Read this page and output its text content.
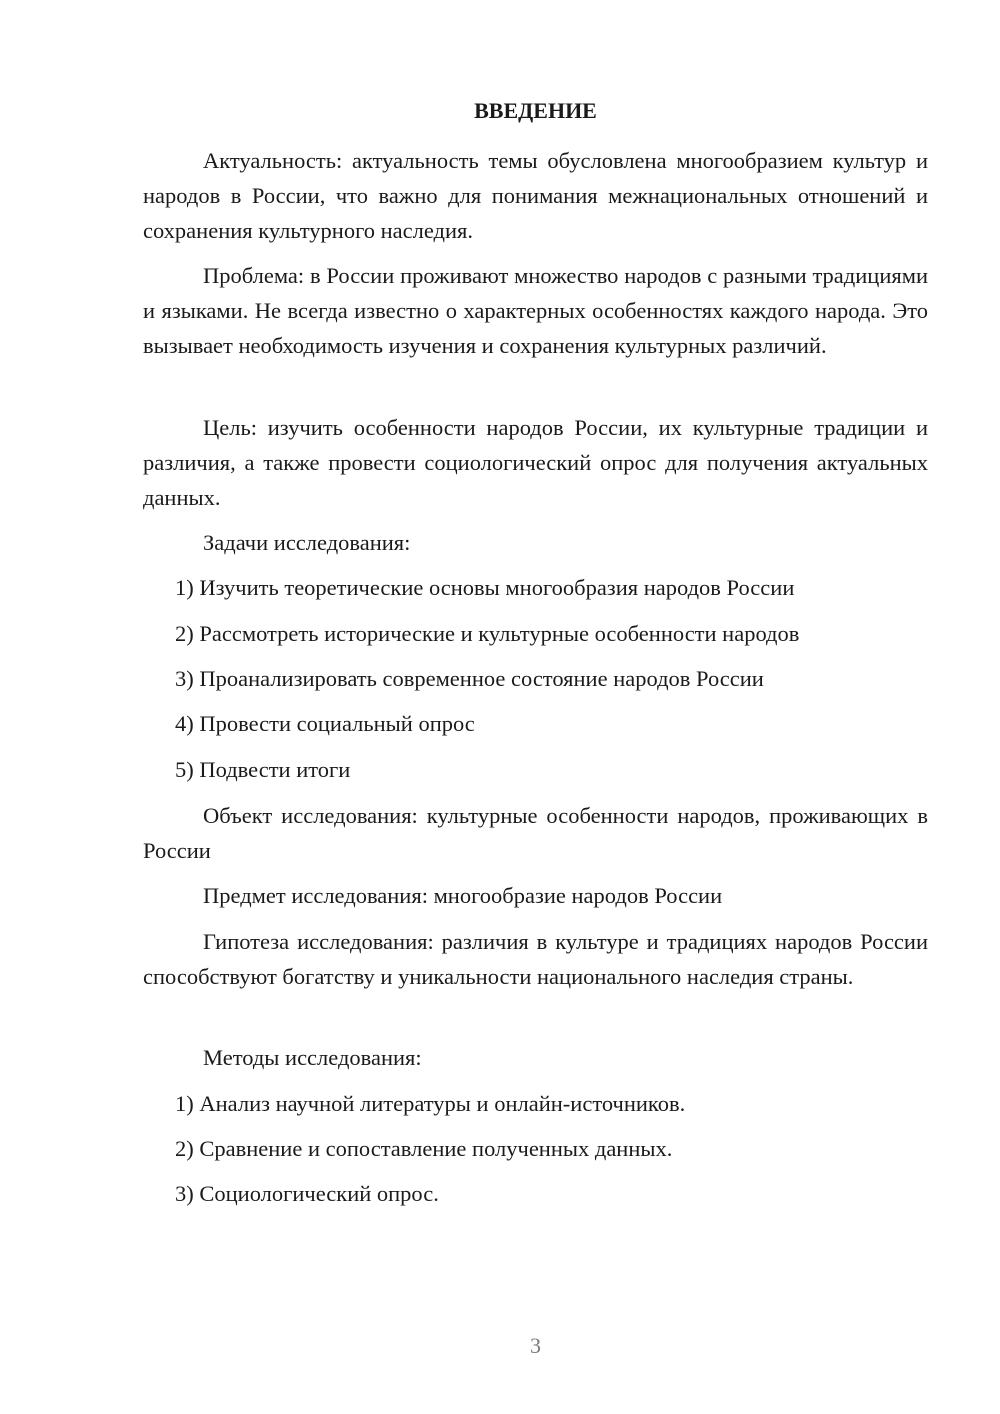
ВВЕДЕНИЕ

Актуальность: актуальность темы обусловлена многообразием культур и народов в России, что важно для понимания межнациональных отношений и сохранения культурного наследия.

Проблема: в России проживают множество народов с разными традициями и языками. Не всегда известно о характерных особенностях каждого народа. Это вызывает необходимость изучения и сохранения культурных различий.

Цель: изучить особенности народов России, их культурные традиции и различия, а также провести социологический опрос для получения актуальных данных.

Задачи исследования:

1) Изучить теоретические основы многообразия народов России

2) Рассмотреть исторические и культурные особенности народов

3) Проанализировать современное состояние народов России

4) Провести социальный опрос

5) Подвести итоги

Объект исследования: культурные особенности народов, проживающих в России

Предмет исследования: многообразие народов России

Гипотеза исследования: различия в культуре и традициях народов России способствуют богатству и уникальности национального наследия страны.

Методы исследования:

1) Анализ научной литературы и онлайн-источников.

2) Сравнение и сопоставление полученных данных.

3) Социологический опрос.

3
